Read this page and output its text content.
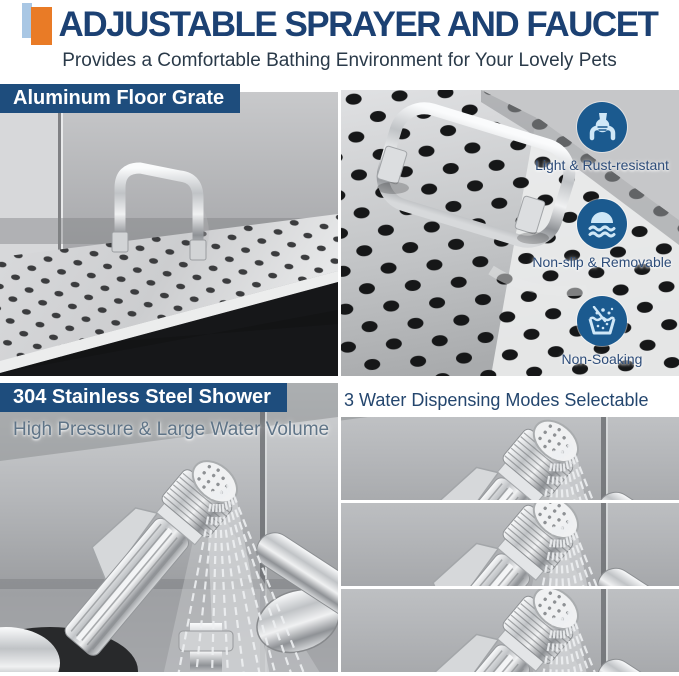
ADJUSTABLE SPRAYER AND FAUCET
Provides a Comfortable Bathing Environment for Your Lovely Pets
Aluminum Floor Grate
Light & Rust-resistant
Non-slip & Removable
Non-Soaking
304 Stainless Steel Shower
High Pressure & Large Water Volume
3 Water Dispensing Modes Selectable
